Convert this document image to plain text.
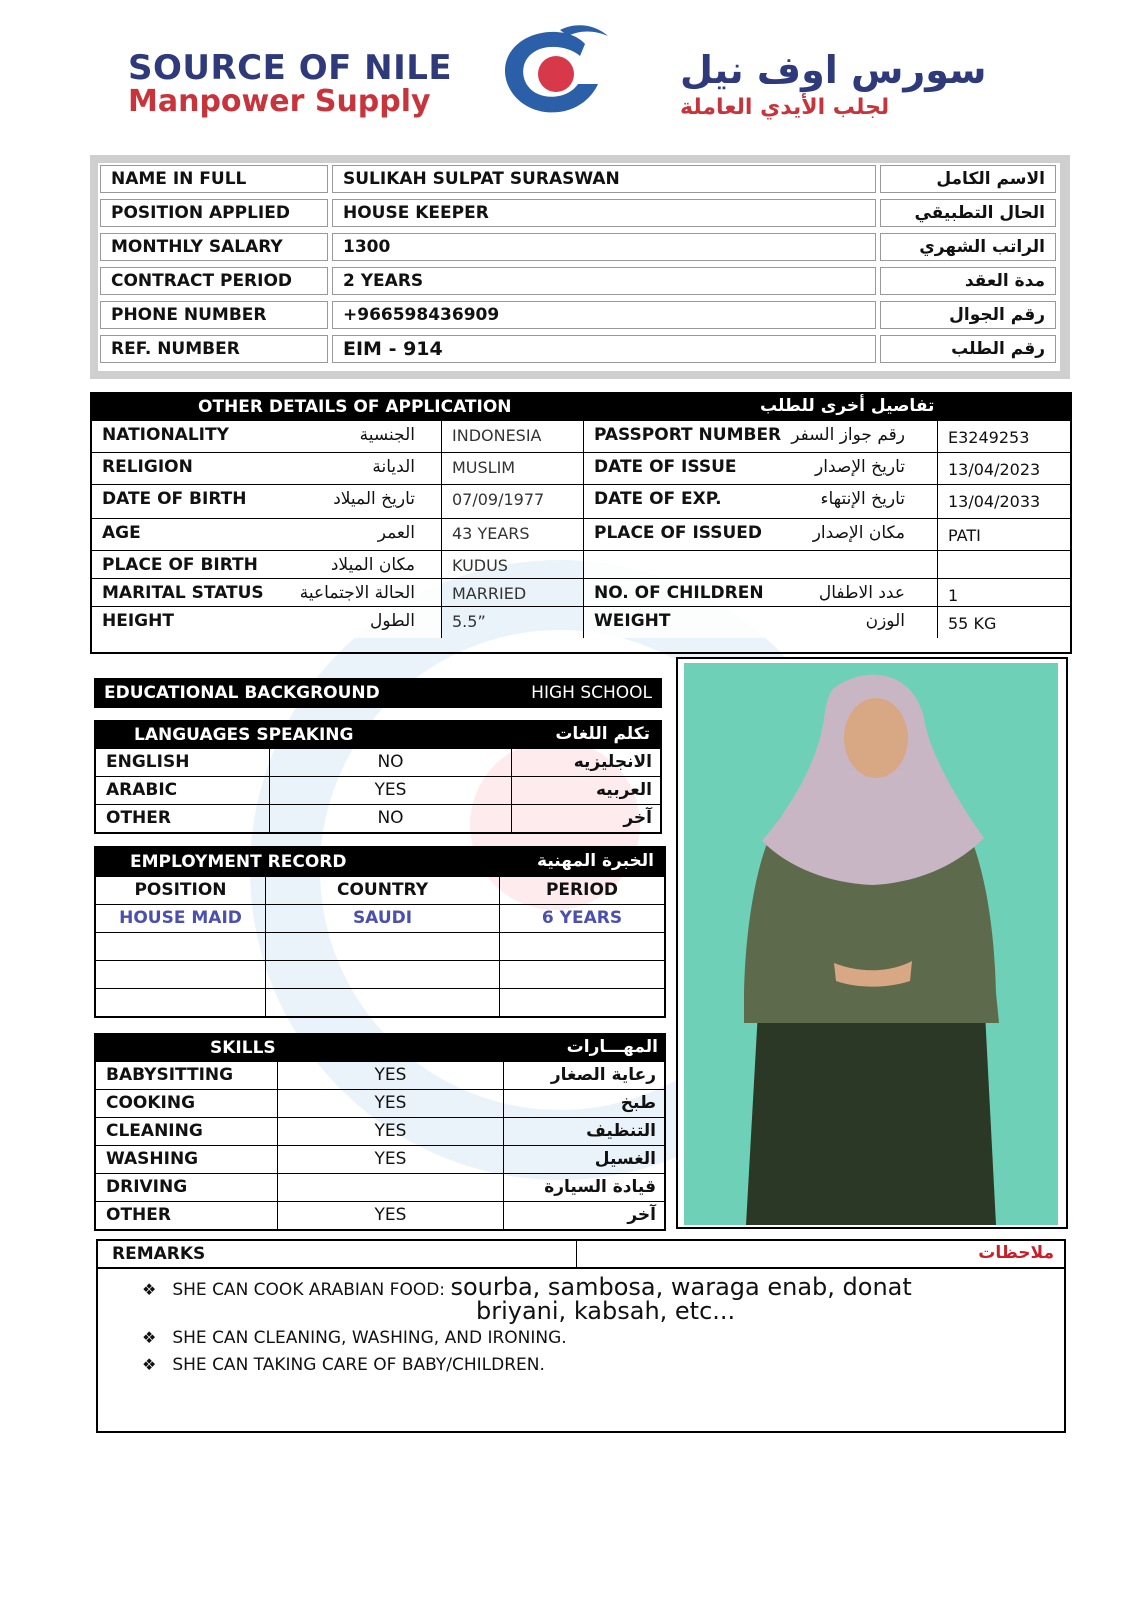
SOURCE OF NILE
Manpower Supply
سورس اوف نيل
لجلب الأيدي العاملة
NAME IN FULL	SULIKAH SULPAT SURASWAN	الاسم الكامل
POSITION APPLIED	HOUSE KEEPER	الحال التطبيقي
MONTHLY SALARY	1300	الراتب الشهري
CONTRACT PERIOD	2 YEARS	مدة العقد
PHONE NUMBER	+966598436909	رقم الجوال
REF. NUMBER	EIM - 914	رقم الطلب
OTHER DETAILS OF APPLICATION	تفاصيل أخرى للطلب
NATIONALITY	الجنسية	INDONESIA	PASSPORT NUMBER رقم جواز السفر	E3249253
RELIGION	الديانة	MUSLIM	DATE OF ISSUE	تاريخ الإصدار	13/04/2023
DATE OF BIRTH	تاريخ الميلاد	07/09/1977	DATE OF EXP.	تاريخ الإنتهاء	13/04/2033
AGE	العمر	43 YEARS	PLACE OF ISSUED	مكان الإصدار	PATI
PLACE OF BIRTH	مكان الميلاد	KUDUS
MARITAL STATUS الحالة الاجتماعية	MARRIED	NO. OF CHILDREN	عدد الاطفال	1
HEIGHT	الطول	5.5”	WEIGHT	الوزن	55 KG
EDUCATIONAL BACKGROUND	HIGH SCHOOL
LANGUAGES SPEAKING	تكلم اللغات
ENGLISH	NO	الانجليزيه
ARABIC	YES	العربيه
OTHER	NO	آخر
EMPLOYMENT RECORD	الخبرة المهنية
POSITION	COUNTRY	PERIOD
HOUSE MAID	SAUDI	6 YEARS
SKILLS	المهـــارات
BABYSITTING	YES	رعاية الصغار
COOKING	YES	طبخ
CLEANING	YES	التنظيف
WASHING	YES	الغسيل
DRIVING	قيادة السيارة
OTHER	YES	آخر
REMARKS	ملاحظات
❖ SHE CAN COOK ARABIAN FOOD: sourba, sambosa, waraga enab, donat
briyani, kabsah, etc...
❖ SHE CAN CLEANING, WASHING, AND IRONING.
❖ SHE CAN TAKING CARE OF BABY/CHILDREN.
